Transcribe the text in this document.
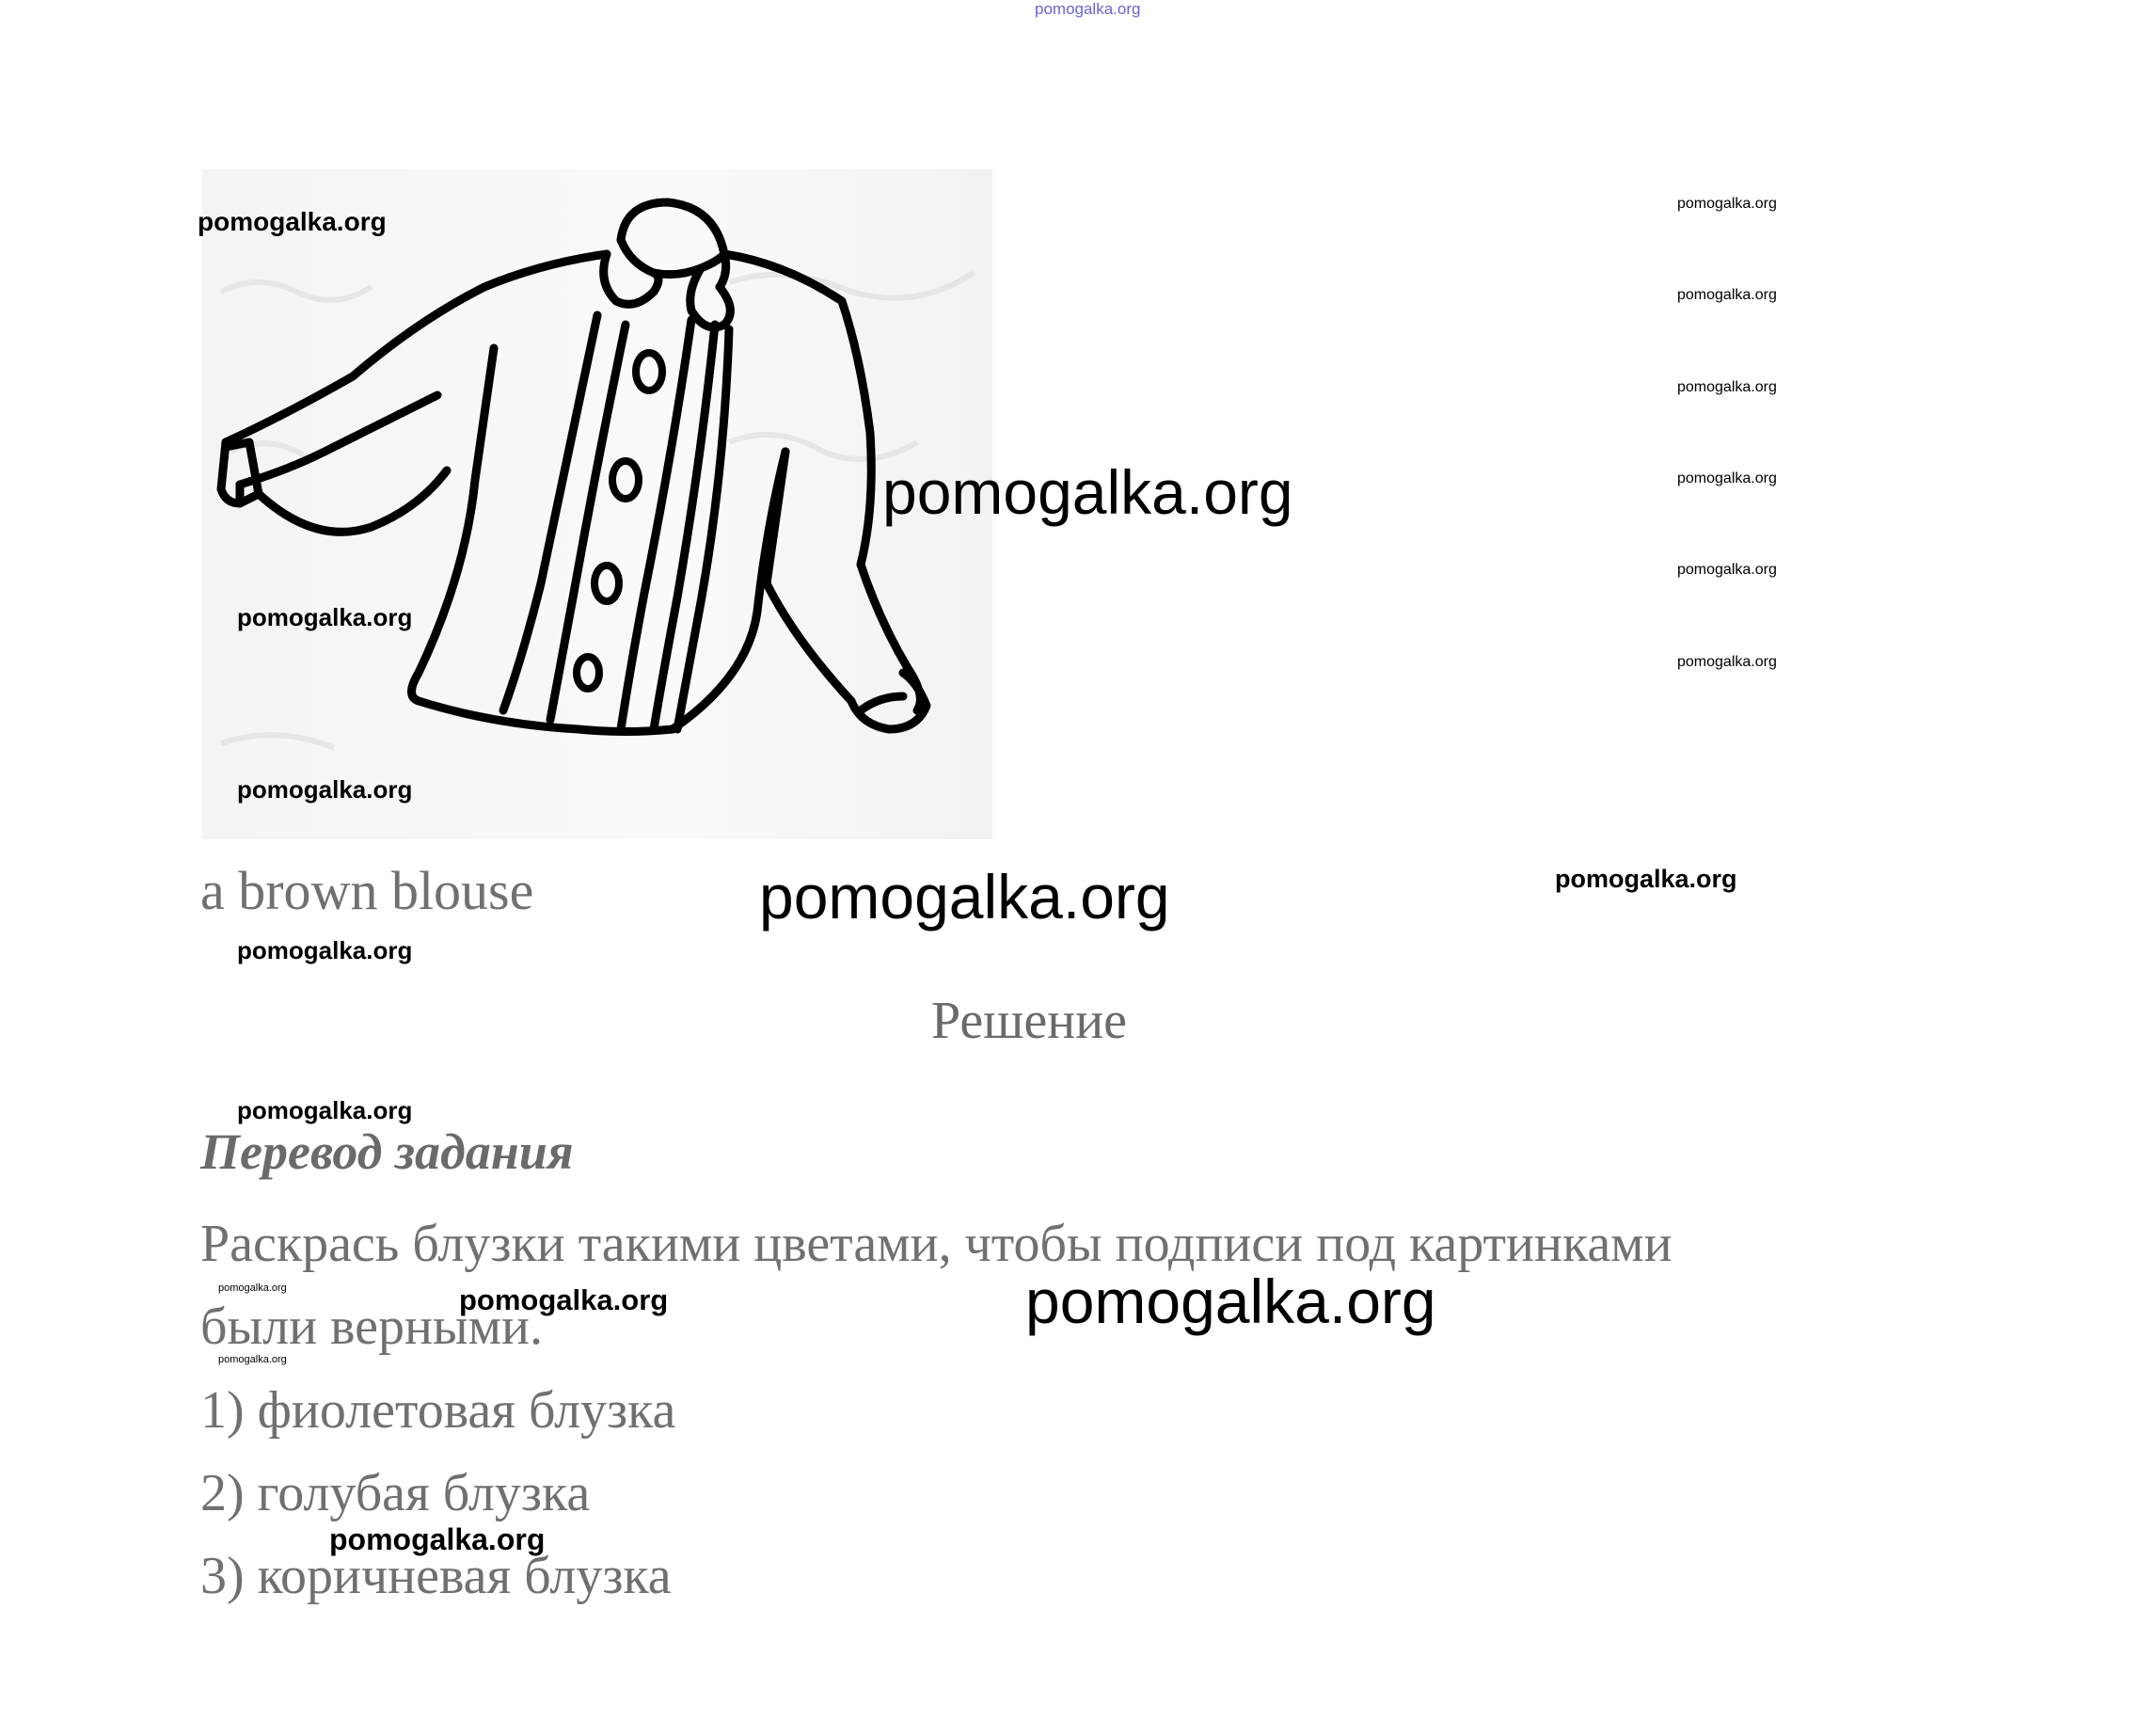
pomogalka.org
pomogalka.org
pomogalka.org
pomogalka.org
pomogalka.org
pomogalka.org
pomogalka.org
pomogalka.org
pomogalka.org
pomogalka.org
pomogalka.org
pomogalka.org	pomogalka.org
pomogalka.org
pomogalka.org
pomogalka.org	pomogalka.org	pomogalka.org
pomogalka.org
pomogalka.org
a brown blouse
Решение
Перевод задания
Раскрась блузки такими цветами, чтобы подписи под картинками были верными.
1) фиолетовая блузка
2) голубая блузка
3) коричневая блузка
